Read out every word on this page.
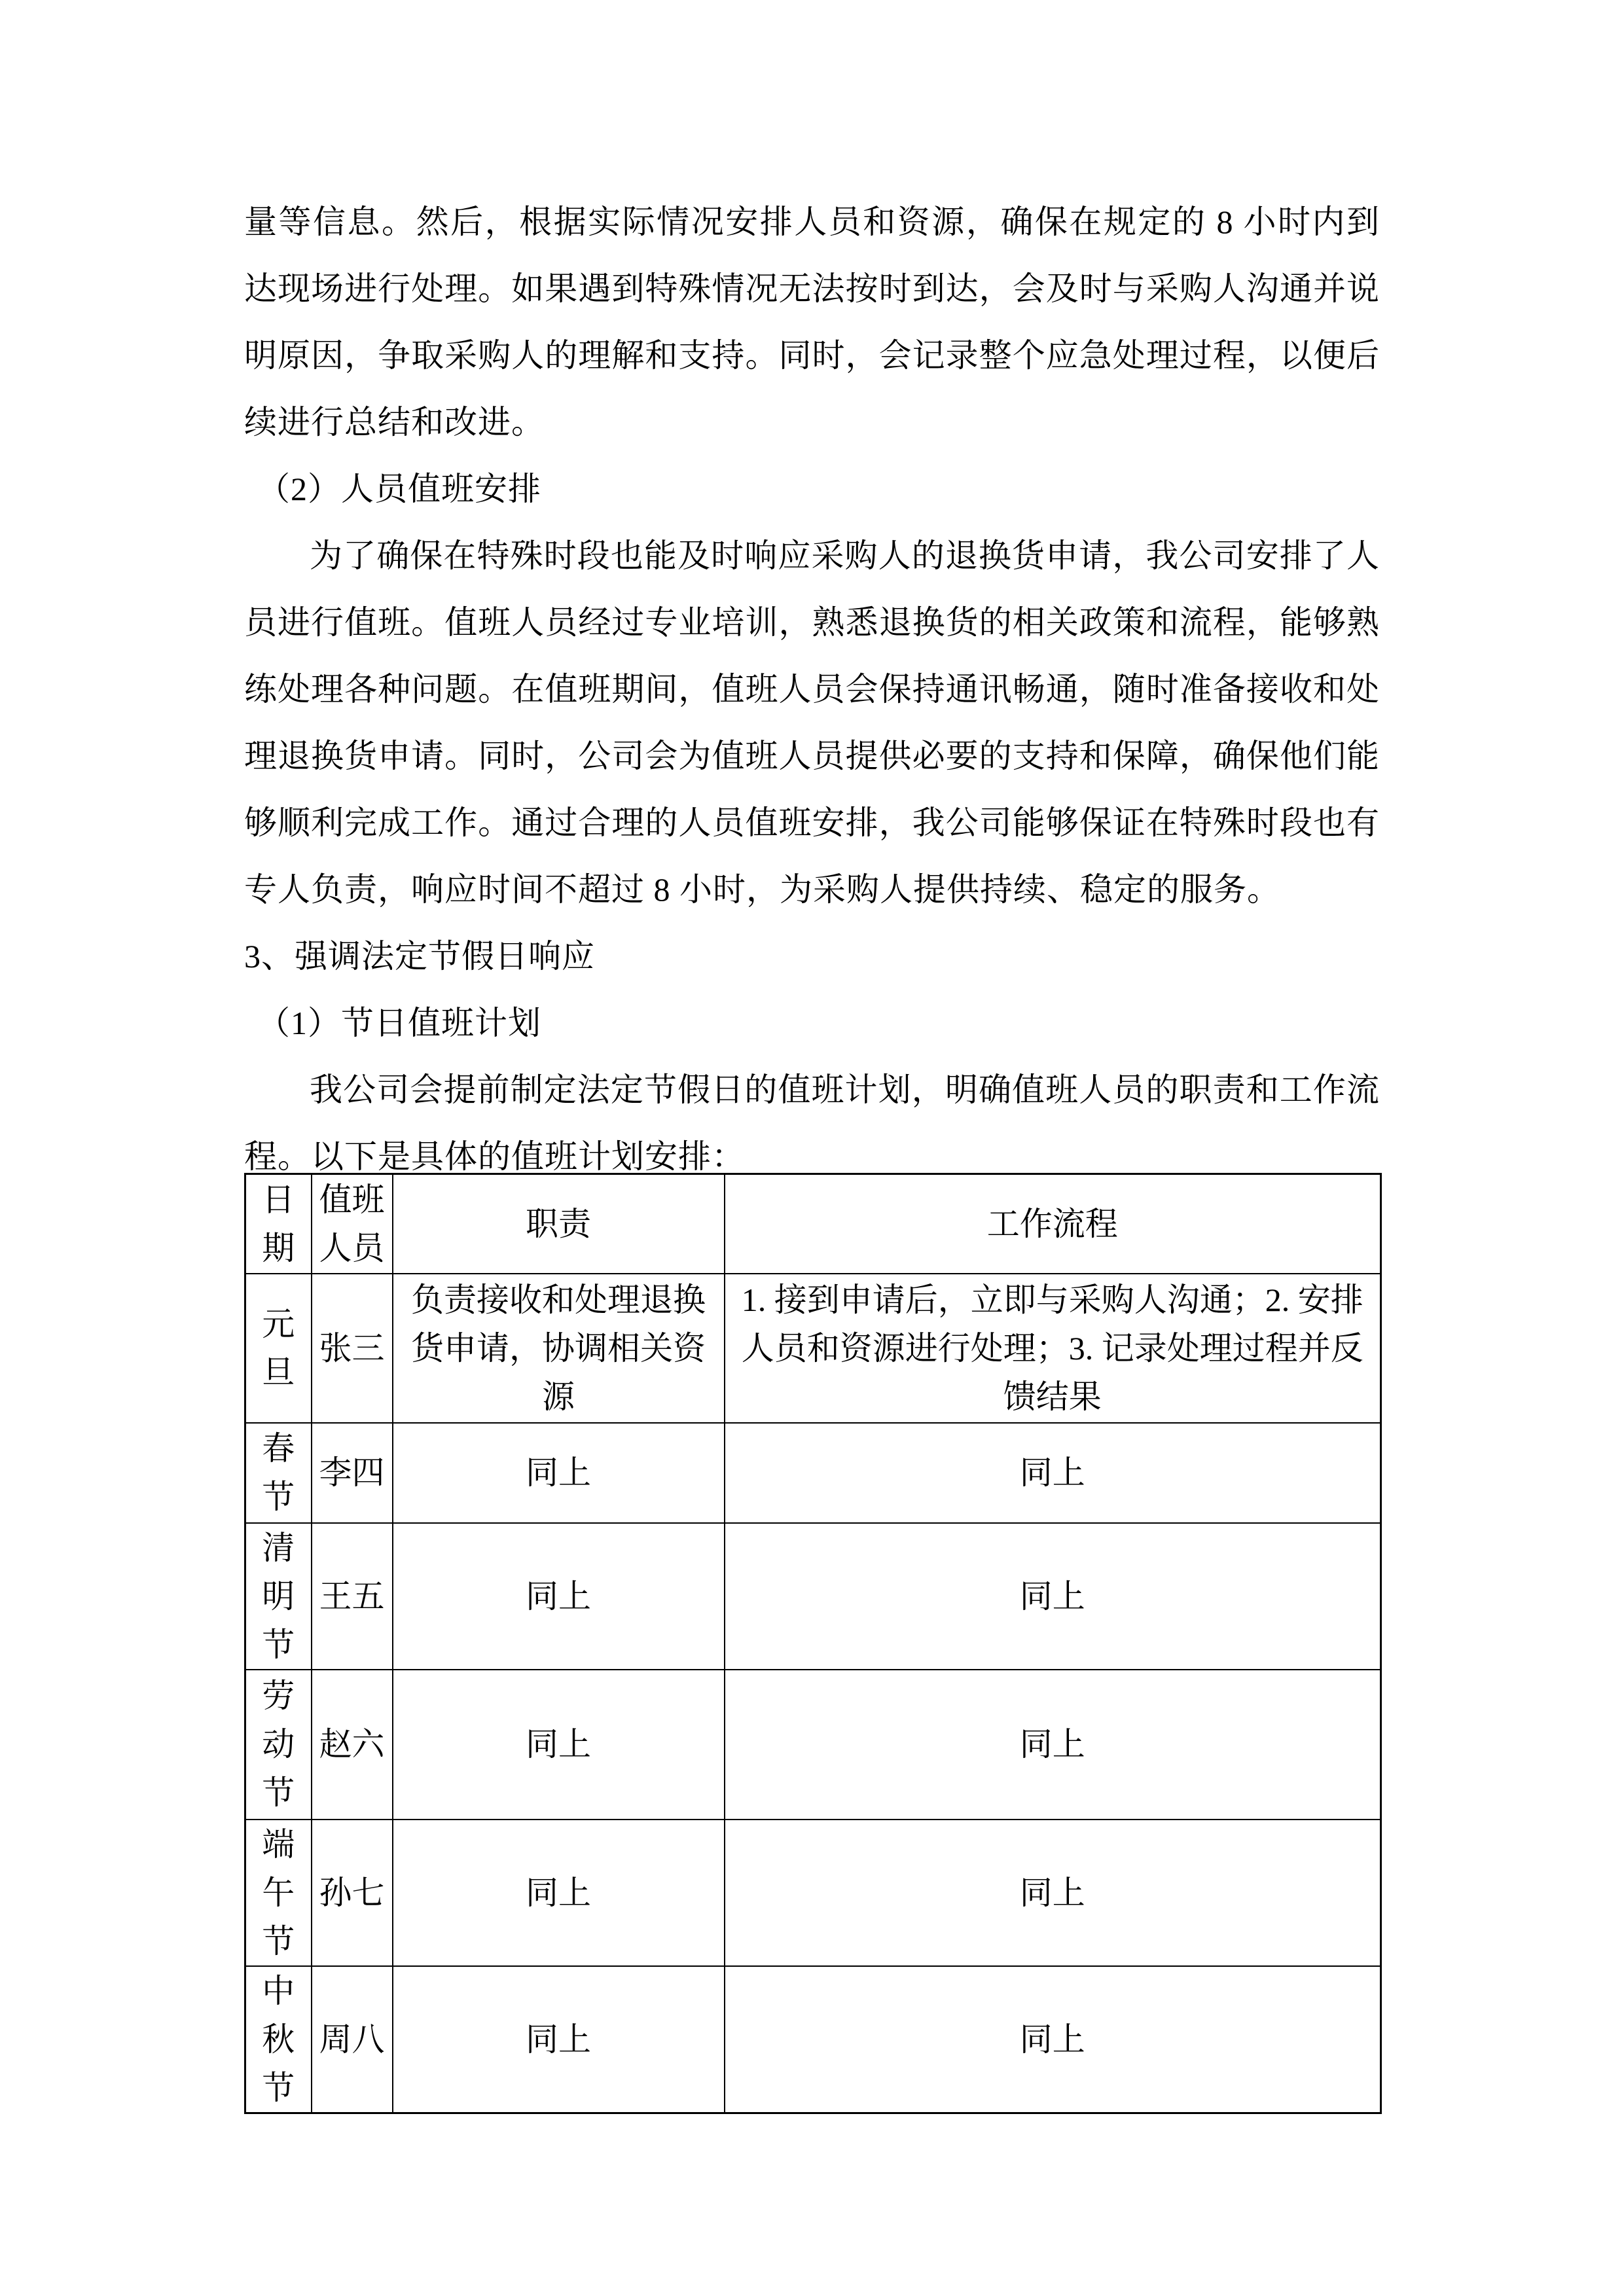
量等信息。然后，根据实际情况安排人员和资源，确保在规定的 8 小时内到达现场进行处理。如果遇到特殊情况无法按时到达，会及时与采购人沟通并说明原因，争取采购人的理解和支持。同时，会记录整个应急处理过程，以便后续进行总结和改进。

（2）人员值班安排

为了确保在特殊时段也能及时响应采购人的退换货申请，我公司安排了人员进行值班。值班人员经过专业培训，熟悉退换货的相关政策和流程，能够熟练处理各种问题。在值班期间，值班人员会保持通讯畅通，随时准备接收和处理退换货申请。同时，公司会为值班人员提供必要的支持和保障，确保他们能够顺利完成工作。通过合理的人员值班安排，我公司能够保证在特殊时段也有专人负责，响应时间不超过 8 小时，为采购人提供持续、稳定的服务。

3、强调法定节假日响应

（1）节日值班计划

我公司会提前制定法定节假日的值班计划，明确值班人员的职责和工作流程。以下是具体的值班计划安排：

日期	值班人员	职责	工作流程
元旦	张三	负责接收和处理退换货申请，协调相关资源	1. 接到申请后，立即与采购人沟通；2. 安排人员和资源进行处理；3. 记录处理过程并反馈结果
春节	李四	同上	同上
清明节	王五	同上	同上
劳动节	赵六	同上	同上
端午节	孙七	同上	同上
中秋节	周八	同上	同上
